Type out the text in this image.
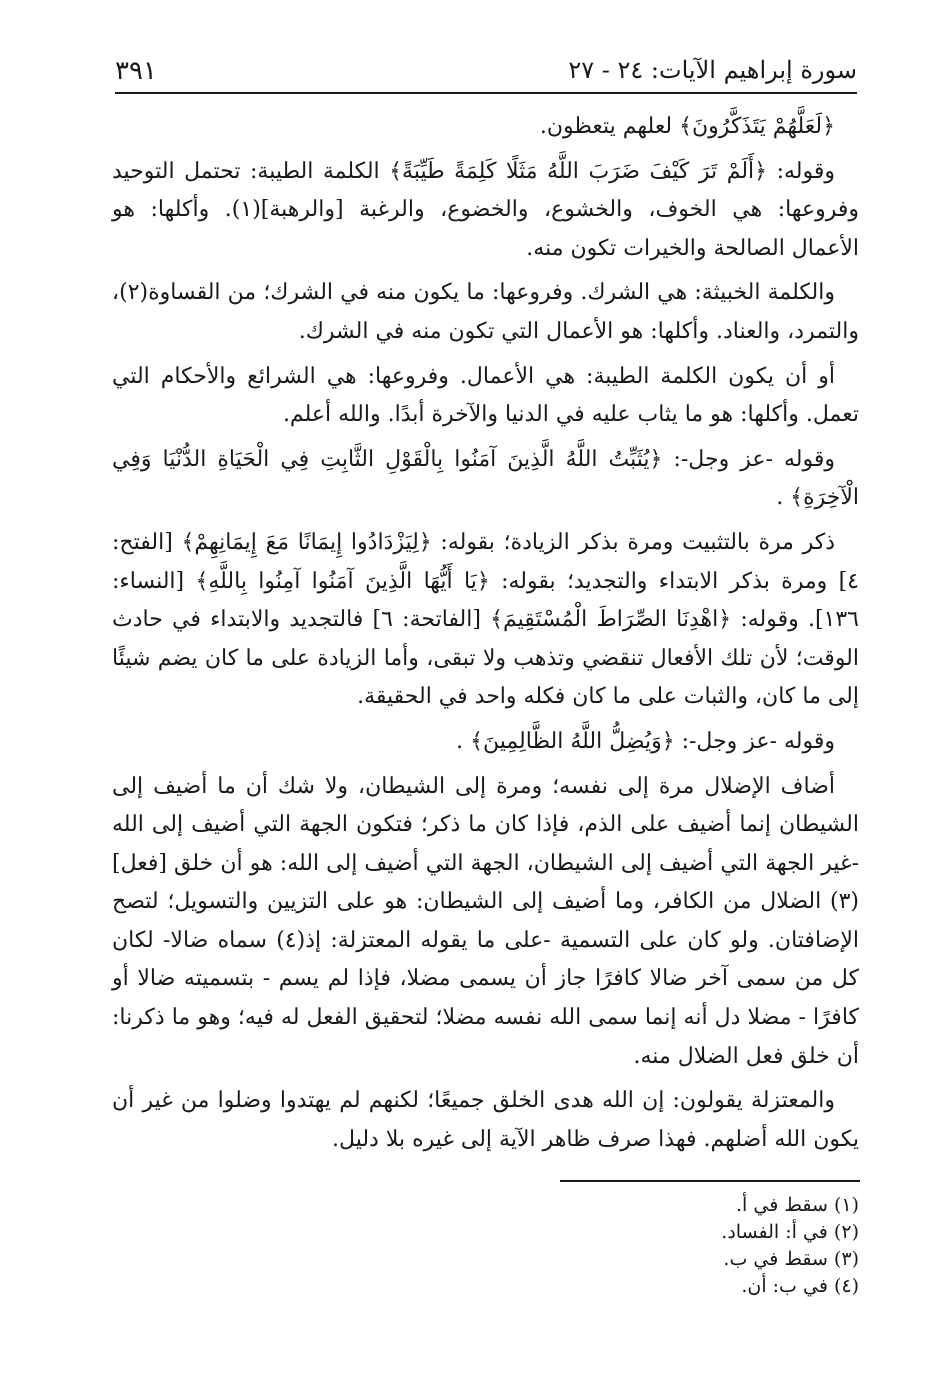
٣٩١	سورة إبراهيم الآيات: ٢٤ - ٢٧

﴿لَعَلَّهُمْ يَتَذَكَّرُونَ﴾ لعلهم يتعظون.

وقوله: ﴿أَلَمْ تَرَ كَيْفَ ضَرَبَ اللَّهُ مَثَلًا كَلِمَةً طَيِّبَةً﴾ الكلمة الطيبة: تحتمل التوحيد وفروعها: هي الخوف، والخشوع، والخضوع، والرغبة [والرهبة](١). وأكلها: هو الأعمال الصالحة والخيرات تكون منه.

والكلمة الخبيثة: هي الشرك. وفروعها: ما يكون منه في الشرك؛ من القساوة(٢)، والتمرد، والعناد. وأكلها: هو الأعمال التي تكون منه في الشرك.

أو أن يكون الكلمة الطيبة: هي الأعمال. وفروعها: هي الشرائع والأحكام التي تعمل. وأكلها: هو ما يثاب عليه في الدنيا والآخرة أبدًا. والله أعلم.

وقوله -عز وجل-: ﴿يُثَبِّتُ اللَّهُ الَّذِينَ آمَنُوا بِالْقَوْلِ الثَّابِتِ فِي الْحَيَاةِ الدُّنْيَا وَفِي الْآخِرَةِ﴾ .

ذكر مرة بالتثبيت ومرة بذكر الزيادة؛ بقوله: ﴿لِيَزْدَادُوا إِيمَانًا مَعَ إِيمَانِهِمْ﴾ [الفتح: ٤] ومرة بذكر الابتداء والتجديد؛ بقوله: ﴿يَا أَيُّهَا الَّذِينَ آمَنُوا آمِنُوا بِاللَّهِ﴾ [النساء: ١٣٦]. وقوله: ﴿اهْدِنَا الصِّرَاطَ الْمُسْتَقِيمَ﴾ [الفاتحة: ٦] فالتجديد والابتداء في حادث الوقت؛ لأن تلك الأفعال تنقضي وتذهب ولا تبقى، وأما الزيادة على ما كان يضم شيئًا إلى ما كان، والثبات على ما كان فكله واحد في الحقيقة.

وقوله -عز وجل-: ﴿وَيُضِلُّ اللَّهُ الظَّالِمِينَ﴾ .

أضاف الإضلال مرة إلى نفسه؛ ومرة إلى الشيطان، ولا شك أن ما أضيف إلى الشيطان إنما أضيف على الذم، فإذا كان ما ذكر؛ فتكون الجهة التي أضيف إلى الله -غير الجهة التي أضيف إلى الشيطان، الجهة التي أضيف إلى الله: هو أن خلق [فعل](٣) الضلال من الكافر، وما أضيف إلى الشيطان: هو على التزيين والتسويل؛ لتصح الإضافتان. ولو كان على التسمية -على ما يقوله المعتزلة: إذ(٤) سماه ضالا- لكان كل من سمى آخر ضالا كافرًا جاز أن يسمى مضلا، فإذا لم يسم - بتسميته ضالا أو كافرًا - مضلا دل أنه إنما سمى الله نفسه مضلا؛ لتحقيق الفعل له فيه؛ وهو ما ذكرنا: أن خلق فعل الضلال منه.

والمعتزلة يقولون: إن الله هدى الخلق جميعًا؛ لكنهم لم يهتدوا وضلوا من غير أن يكون الله أضلهم. فهذا صرف ظاهر الآية إلى غيره بلا دليل.

(١) سقط في أ.
(٢) في أ: الفساد.
(٣) سقط في ب.
(٤) في ب: أن.
